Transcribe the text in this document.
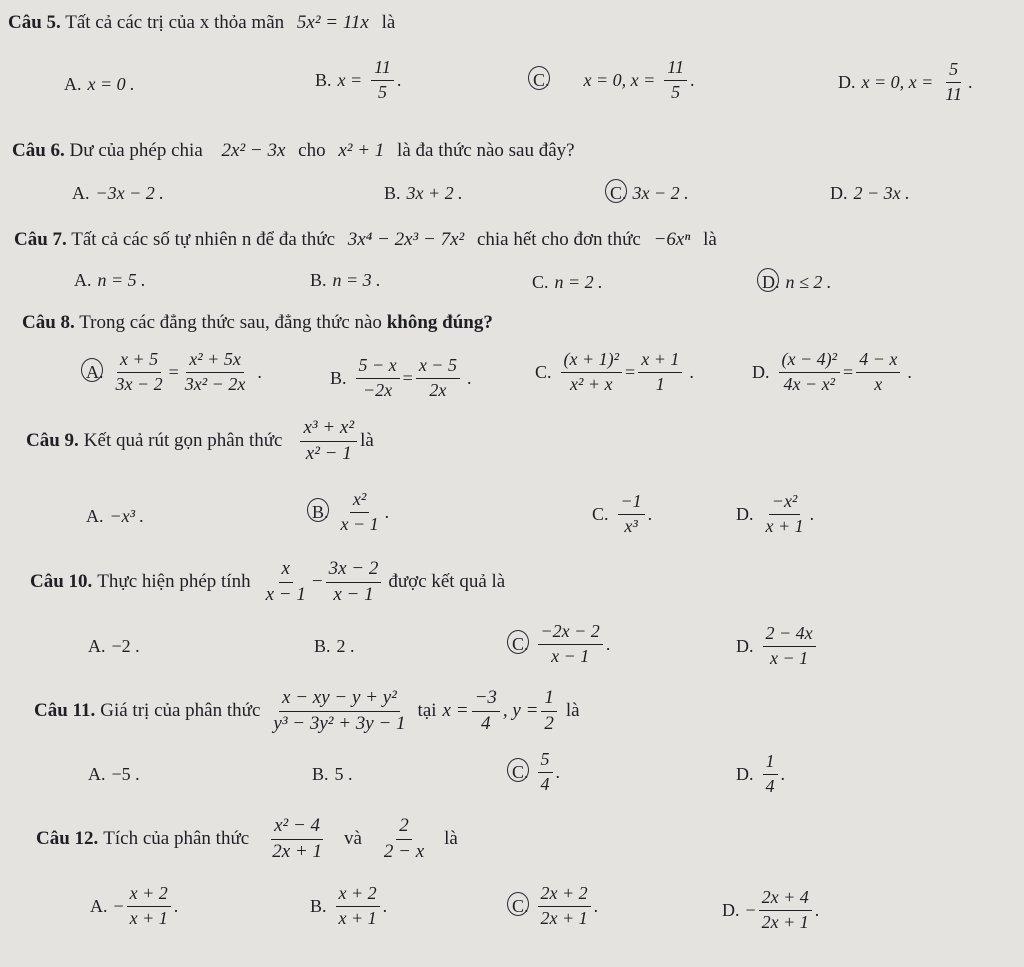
Câu 5. Tất cả các trị của x thỏa mãn 5x² = 11x là
A. x = 0 .	B. $x = \frac{11}{5}$ .	C. x = 0, $x = \frac{11}{5}$ .	D. x = 0, $x = \frac{5}{11}$ .
Câu 6. Dư của phép chia 2x² − 3x cho x² + 1 là đa thức nào sau đây?
A. −3x − 2 .	B. 3x + 2 .	C. 3x − 2 .	D. 2 − 3x .
Câu 7. Tất cả các số tự nhiên n để đa thức 3x⁴ − 2x³ − 7x² chia hết cho đơn thức −6xⁿ là
A. n = 5 .	B. n = 3 .	C. n = 2 .	D. n ≤ 2 .
Câu 8. Trong các đẳng thức sau, đẳng thức nào không đúng?
A. $\frac{x + 5}{3x - 2} = \frac{\text{x² + 5x}}{\text{3x² − 2x}}$ .	B. $\frac{5 - x}{-2x} = \frac{x - 5}{2x}$ .	C. $\frac{\text{(x + 1)²}}{\text{x² + x}} = \frac{x + 1}{1}$ .	D. $\frac{\text{(x − 4)²}}{\text{4x − x²}} = \frac{4 - x}{x}$ .
Câu 9. Kết quả rút gọn phân thức $\frac{\text{x³ + x²}}{\text{x² − 1}}$ là
A. −x³ .	B. $\frac{\text{x²}}{x - 1}$ .	C. $\frac{-1}{\text{x³}}$ .	D. $\frac{\text{−x²}}{x + 1}$ .
Câu 10. Thực hiện phép tính $\frac{x}{x - 1} - \frac{3x - 2}{x - 1}$ được kết quả là
A. −2 .	B. 2 .	C. $\frac{-2x - 2}{x - 1}$ .	D. $\frac{2 - 4x}{x - 1}$
Câu 11. Giá trị của phân thức $\frac{\text{x − xy − y + y²}}{\text{y³ − 3y² + 3y − 1}}$ tại $x = \frac{-3}{4}$ , $y = \frac{1}{2}$ là
A. −5 .	B. 5 .	C. $\frac{5}{4}$ .	D. $\frac{1}{4}$ .
Câu 12. Tích của phân thức $\frac{\text{x² − 4}}{2x + 1}$ và $\frac{2}{2 - x}$ là
A. − $\frac{x + 2}{x + 1}$ .	B. $\frac{x + 2}{x + 1}$ .	C. $\frac{2x + 2}{2x + 1}$ .	D. − $\frac{2x + 4}{2x + 1}$ .
